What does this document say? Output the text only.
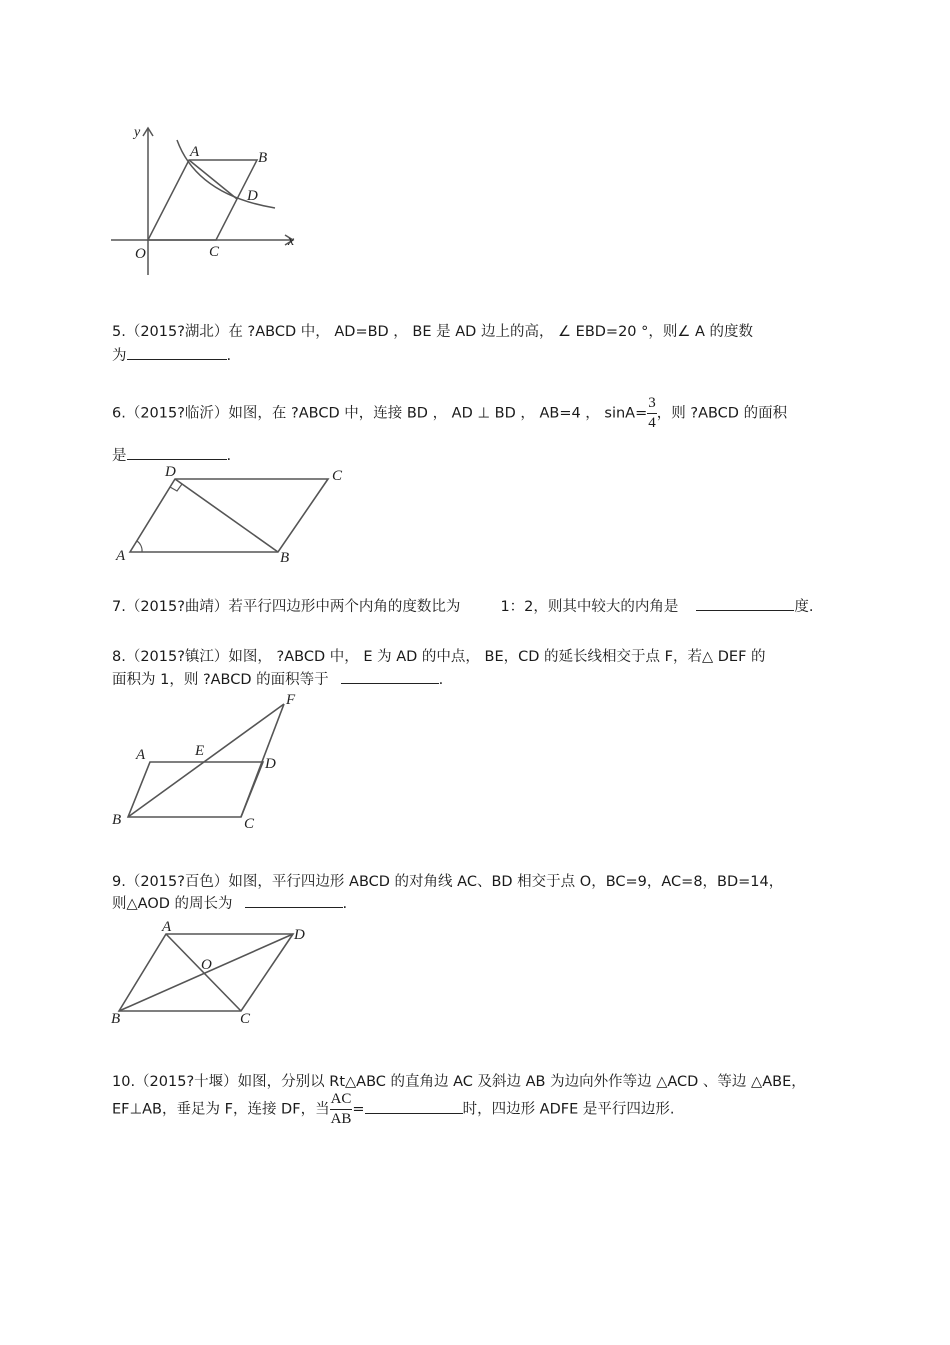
y
x
O
A	B
C
D
5.（2015?湖北）在 ?ABCD 中， AD=BD ， BE 是 AD 边上的高， ∠ EBD=20 °，则∠ A 的度数
为	.
6.（2015?临沂）如图，在 ?ABCD 中，连接 BD ， AD ⊥ BD ， AB=4 ， $\sin A= \frac{3}{4}$ ，则 ?ABCD 的面积
是	.
D	C
A	B
7.（2015?曲靖）若平行四边形中两个内角的度数比为	1：2，则其中较大的内角是	度.
8.（2015?镇江）如图， ?ABCD 中， E 为 AD 的中点， BE，CD 的延长线相交于点 F，若△ DEF 的
面积为 1，则 ?ABCD 的面积等于	.
F
A	E
D
B	C
9.（2015?百色）如图，平行四边形 ABCD 的对角线 AC、BD 相交于点 O，BC=9，AC=8，BD=14，
则△AOD 的周长为	.
A	D
O
B	C
10.（2015?十堰）如图，分别以 Rt△ABC 的直角边 AC 及斜边 AB 为边向外作等边 △ACD 、等边 △ABE，
EF⊥AB，垂足为 F，连接 DF，当 $\frac{AC}{AB}$ =	时，四边形 ADFE 是平行四边形.
